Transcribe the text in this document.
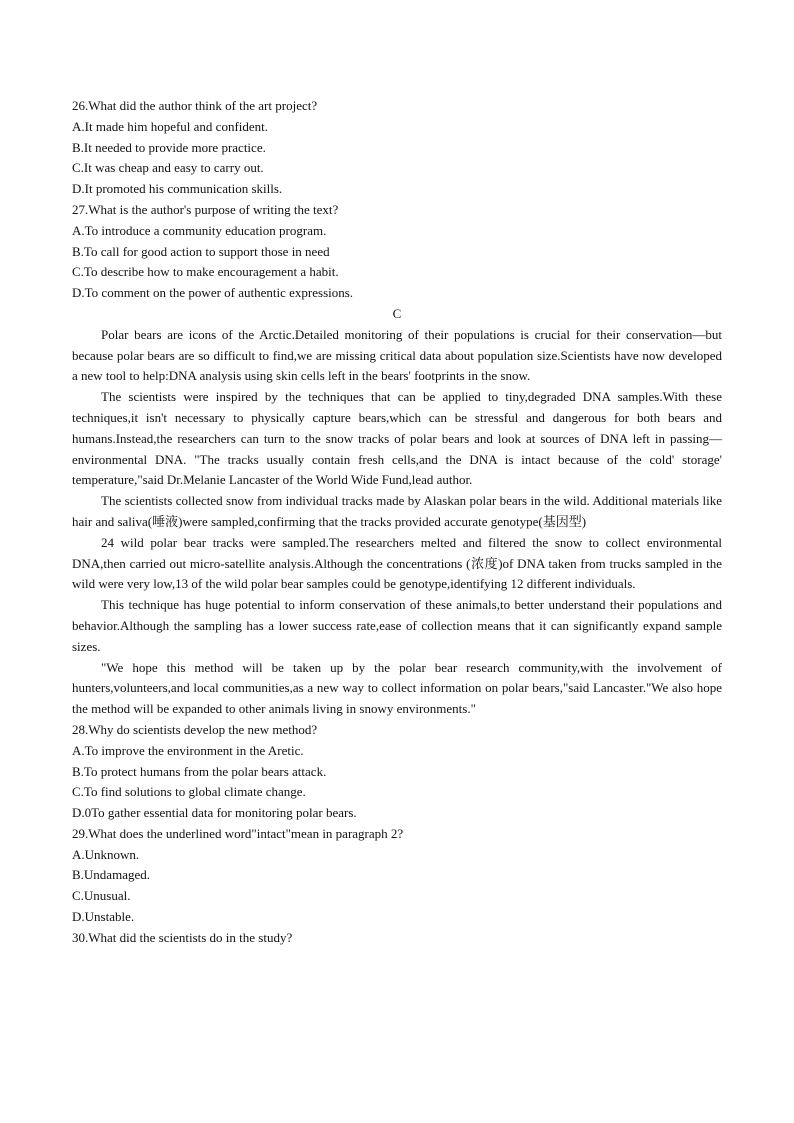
26.What did the author think of the art project?
A.It made him hopeful and confident.
B.It needed to provide more practice.
C.It was cheap and easy to carry out.
D.It promoted his communication skills.
27.What is the author's purpose of writing the text?
A.To introduce a community education program.
B.To call for good action to support those in need
C.To describe how to make encouragement a habit.
D.To comment on the power of authentic expressions.
C

Polar bears are icons of the Arctic.Detailed monitoring of their populations is crucial for their conservation—but because polar bears are so difficult to find,we are missing critical data about population size.Scientists have now developed a new tool to help:DNA analysis using skin cells left in the bears' footprints in the snow.

The scientists were inspired by the techniques that can be applied to tiny,degraded DNA samples.With these techniques,it isn't necessary to physically capture bears,which can be stressful and dangerous for both bears and humans.Instead,the researchers can turn to the snow tracks of polar bears and look at sources of DNA left in passing—environmental DNA. "The tracks usually contain fresh cells,and the DNA is intact because of the cold' storage' temperature,"said Dr.Melanie Lancaster of the World Wide Fund,lead author.

The scientists collected snow from individual tracks made by Alaskan polar bears in the wild. Additional materials like hair and saliva(唾液)were sampled,confirming that the tracks provided accurate genotype(基因型)

24 wild polar bear tracks were sampled.The researchers melted and filtered the snow to collect environmental DNA,then carried out micro-satellite analysis.Although the concentrations (浓度)of DNA taken from trucks sampled in the wild were very low,13 of the wild polar bear samples could be genotype,identifying 12 different individuals.

This technique has huge potential to inform conservation of these animals,to better understand their populations and behavior.Although the sampling has a lower success rate,ease of collection means that it can significantly expand sample sizes.

"We hope this method will be taken up by the polar bear research community,with the involvement of hunters,volunteers,and local communities,as a new way to collect information on polar bears,"said Lancaster."We also hope the method will be expanded to other animals living in snowy environments."

28.Why do scientists develop the new method?
A.To improve the environment in the Aretic.
B.To protect humans from the polar bears attack.
C.To find solutions to global climate change.
D.0To gather essential data for monitoring polar bears.
29.What does the underlined word"intact"mean in paragraph 2?
A.Unknown.
B.Undamaged.
C.Unusual.
D.Unstable.
30.What did the scientists do in the study?
